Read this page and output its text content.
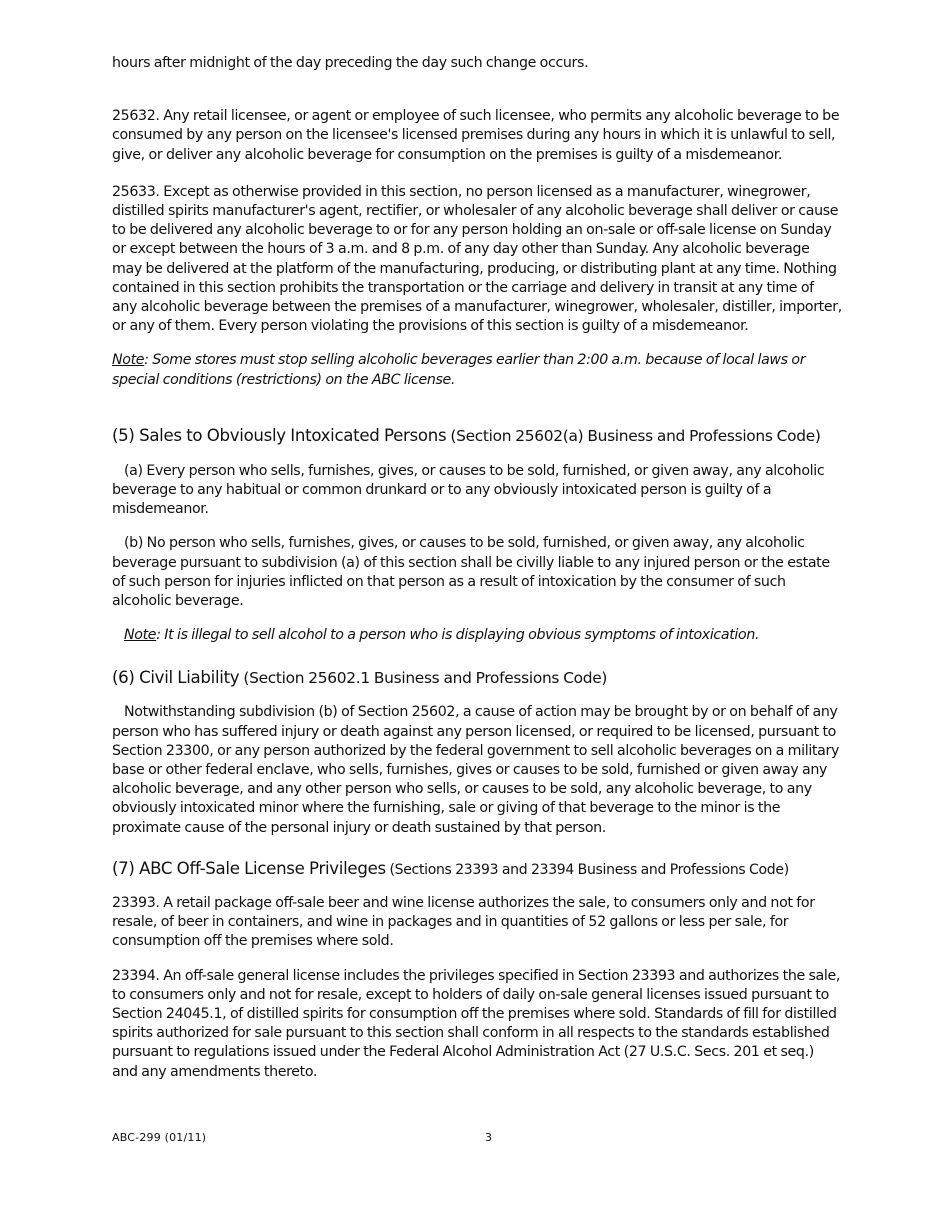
hours after midnight of the day preceding the day such change occurs.

25632. Any retail licensee, or agent or employee of such licensee, who permits any alcoholic beverage to be consumed by any person on the licensee's licensed premises during any hours in which it is unlawful to sell, give, or deliver any alcoholic beverage for consumption on the premises is guilty of a misdemeanor.

25633. Except as otherwise provided in this section, no person licensed as a manufacturer, winegrower, distilled spirits manufacturer's agent, rectifier, or wholesaler of any alcoholic beverage shall deliver or cause to be delivered any alcoholic beverage to or for any person holding an on-sale or off-sale license on Sunday or except between the hours of 3 a.m. and 8 p.m. of any day other than Sunday. Any alcoholic beverage may be delivered at the platform of the manufacturing, producing, or distributing plant at any time. Nothing contained in this section prohibits the transportation or the carriage and delivery in transit at any time of any alcoholic beverage between the premises of a manufacturer, winegrower, wholesaler, distiller, importer, or any of them. Every person violating the provisions of this section is guilty of a misdemeanor.

Note: Some stores must stop selling alcoholic beverages earlier than 2:00 a.m. because of local laws or special conditions (restrictions) on the ABC license.

(5) Sales to Obviously Intoxicated Persons (Section 25602(a) Business and Professions Code)

(a) Every person who sells, furnishes, gives, or causes to be sold, furnished, or given away, any alcoholic beverage to any habitual or common drunkard or to any obviously intoxicated person is guilty of a misdemeanor.

(b) No person who sells, furnishes, gives, or causes to be sold, furnished, or given away, any alcoholic beverage pursuant to subdivision (a) of this section shall be civilly liable to any injured person or the estate of such person for injuries inflicted on that person as a result of intoxication by the consumer of such alcoholic beverage.

Note: It is illegal to sell alcohol to a person who is displaying obvious symptoms of intoxication.

(6) Civil Liability (Section 25602.1 Business and Professions Code)

Notwithstanding subdivision (b) of Section 25602, a cause of action may be brought by or on behalf of any person who has suffered injury or death against any person licensed, or required to be licensed, pursuant to Section 23300, or any person authorized by the federal government to sell alcoholic beverages on a military base or other federal enclave, who sells, furnishes, gives or causes to be sold, furnished or given away any alcoholic beverage, and any other person who sells, or causes to be sold, any alcoholic beverage, to any obviously intoxicated minor where the furnishing, sale or giving of that beverage to the minor is the proximate cause of the personal injury or death sustained by that person.

(7) ABC Off-Sale License Privileges (Sections 23393 and 23394 Business and Professions Code)

23393. A retail package off-sale beer and wine license authorizes the sale, to consumers only and not for resale, of beer in containers, and wine in packages and in quantities of 52 gallons or less per sale, for consumption off the premises where sold.

23394. An off-sale general license includes the privileges specified in Section 23393 and authorizes the sale, to consumers only and not for resale, except to holders of daily on-sale general licenses issued pursuant to Section 24045.1, of distilled spirits for consumption off the premises where sold. Standards of fill for distilled spirits authorized for sale pursuant to this section shall conform in all respects to the standards established pursuant to regulations issued under the Federal Alcohol Administration Act (27 U.S.C. Secs. 201 et seq.) and any amendments thereto.

ABC-299 (01/11)	3
